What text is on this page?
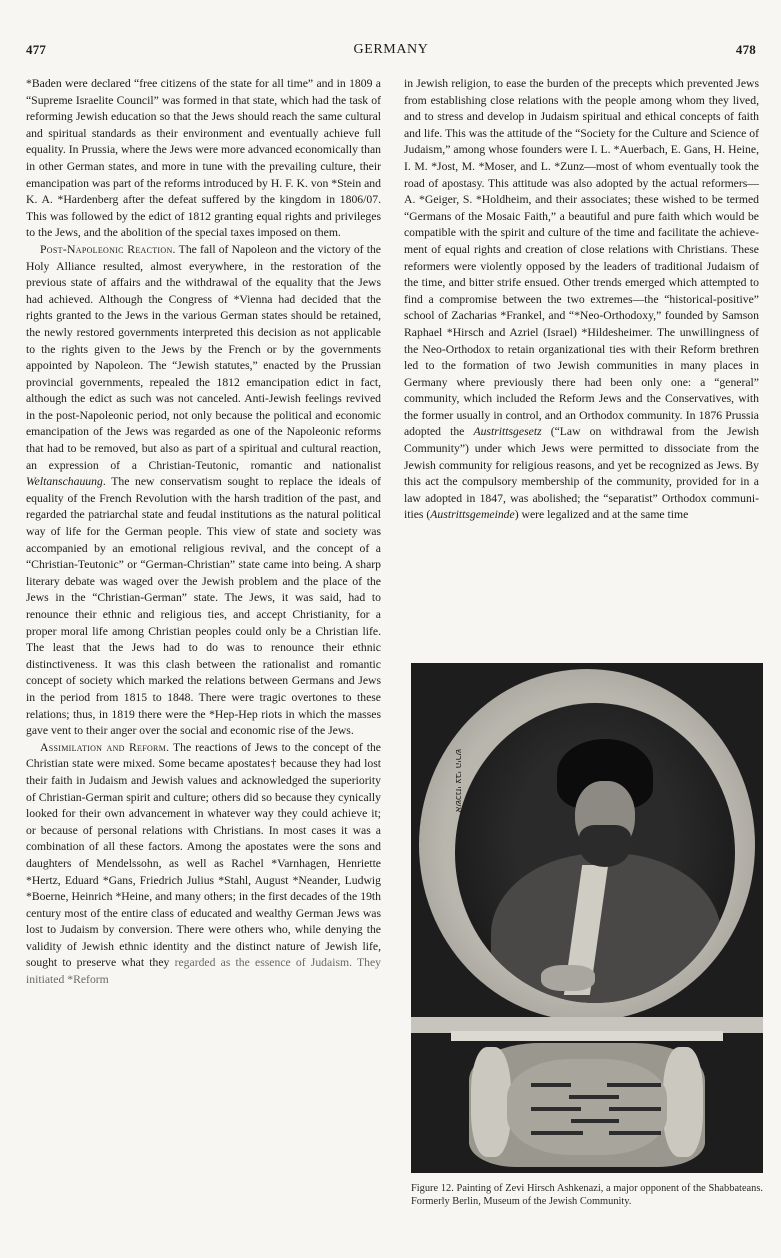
477	GERMANY	478

*Baden were declared “free citizens of the state for all time” and in 1809 a “Supreme Israelite Council” was formed in that state, which had the task of reforming Jewish education so that the Jews should reach the same cultural and spiritual standards as their environment and eventually achieve full equality. In Prussia, where the Jews were more advanced economically than in other German states, and more in tune with the prevailing culture, their emancipation was part of the reforms introduced by H. F. K. von *Stein and K. A. *Hardenberg after the defeat suffered by the kingdom in 1806/07. This was followed by the edict of 1812 granting equal rights and privileges to the Jews, and the abolition of the special taxes imposed on them.

Post-Napoleonic Reaction. The fall of Napoleon and the victory of the Holy Alliance resulted, almost everywhere, in the restoration of the previous state of affairs and the withdrawal of the equality that the Jews had achieved. Although the Congress of *Vienna had decided that the rights granted to the Jews in the various German states should be retained, the newly restored governments interpreted this decision as not applicable to the rights given to the Jews by the French or by the governments appointed by Napoleon. The “Jewish statutes,” enacted by the Prussian provincial governments, repealed the 1812 emancipation edict in fact, although the edict as such was not canceled. Anti-Jewish feelings revived in the post-Napoleonic period, not only because the political and economic emancipation of the Jews was regarded as one of the Napoleonic reforms that had to be removed, but also as part of a spiritual and cultural reaction, an expression of a Christian-Teutonic, romantic and nationalist Weltanschauung. The new conservatism sought to replace the ideals of equality of the French Revolution with the harsh tradition of the past, and regarded the patriarchal state and feudal institutions as the natural political way of life for the German people. This view of state and society was accompanied by an emotional religious revival, and the concept of a “Christian-Teutonic” or “German-Christian” state came into being. A sharp literary debate was waged over the Jewish problem and the place of the Jews in the “Christian-German” state. The Jews, it was said, had to renounce their ethnic and religious ties, and accept Christianity, for a proper moral life among Christian peoples could only be a Christian life. The least that the Jews had to do was to renounce their ethnic distinctiveness. It was this clash between the rationalist and romantic concept of society which marked the relations between Germans and Jews in the period from 1815 to 1848. There were tragic overtones to these relations; thus, in 1819 there were the *Hep-Hep riots in which the masses gave vent to their anger over the social and economic rise of the Jews.

Assimilation and Reform. The reactions of Jews to the concept of the Christian state were mixed. Some became apostates† because they had lost their faith in Judaism and Jewish values and acknowledged the superiority of Christian-German spirit and culture; others did so because they cynically looked for their own advancement in whatever way they could achieve it; or because of personal relations with Christians. In most cases it was a combination of all these factors. Among the apostates were the sons and daughters of Mendelssohn, as well as Rachel *Varnhagen, Henriette *Hertz, Eduard *Gans, Friedrich Julius *Stahl, August *Neander, Ludwig *Boerne, Heinrich *Heine, and many others; in the first decades of the 19th century most of the entire class of educated and wealthy German Jews was lost to Judaism by conversion. There were others who, while denying the validity of Jewish ethnic identity and the distinct nature of Jewish life, sought to preserve what they regarded as the essence of Judaism. They initiated *Reform

in Jewish religion, to ease the burden of the precepts which prevented Jews from establishing close relations with the people among whom they lived, and to stress and develop in Judaism spiritual and ethical concepts of faith and life. This was the attitude of the “Society for the Culture and Science of Judaism,” among whose founders were I. L. *Auerbach, E. Gans, H. Heine, I. M. *Jost, M. *Moser, and L. *Zunz—most of whom eventually took the road of apostasy. This attitude was also adopted by the actual reformers—A. *Geiger, S. *Holdheim, and their associates; these wished to be termed “Germans of the Mosaic Faith,” a beautiful and pure faith which would be compatible with the spirit and culture of the time and facilitate the achievement of equal rights and creation of close relations with Christians. These reformers were violently opposed by the leaders of traditional Judaism of the time, and bitter strife ensued. Other trends emerged which attempted to find a compromise between the two extremes—the “historical-positive” school of Zacharias *Frankel, and “*Neo-Orthodoxy,” founded by Samson Raphael *Hirsch and Azriel (Israel) *Hildesheimer. The unwillingness of the Neo-Orthodox to retain organizational ties with their Reform brethren led to the formation of two Jewish communities in many places in Germany where previously there had been only one: a “general” community, which included the Reform Jews and the Conservatives, with the former usually in control, and an Orthodox community. In 1876 Prussia adopted the Austrittsgesetz (“Law on withdrawal from the Jewish Community”) under which Jews were permitted to dissociate from the Jewish community for religious reasons, and yet be recognized as Jews. By this act the compulsory membership of the community, provided for in a law adopted in 1847, was abolished; the “separatist” Orthodox communiities (Austrittsgemeinde) were legalized and at the same time

אשכנזי צבי הירש
Figure 12. Painting of Zevi Hirsch Ashkenazi, a major opponent of the Shabbateans. Formerly Berlin, Museum of the Jewish Community.
